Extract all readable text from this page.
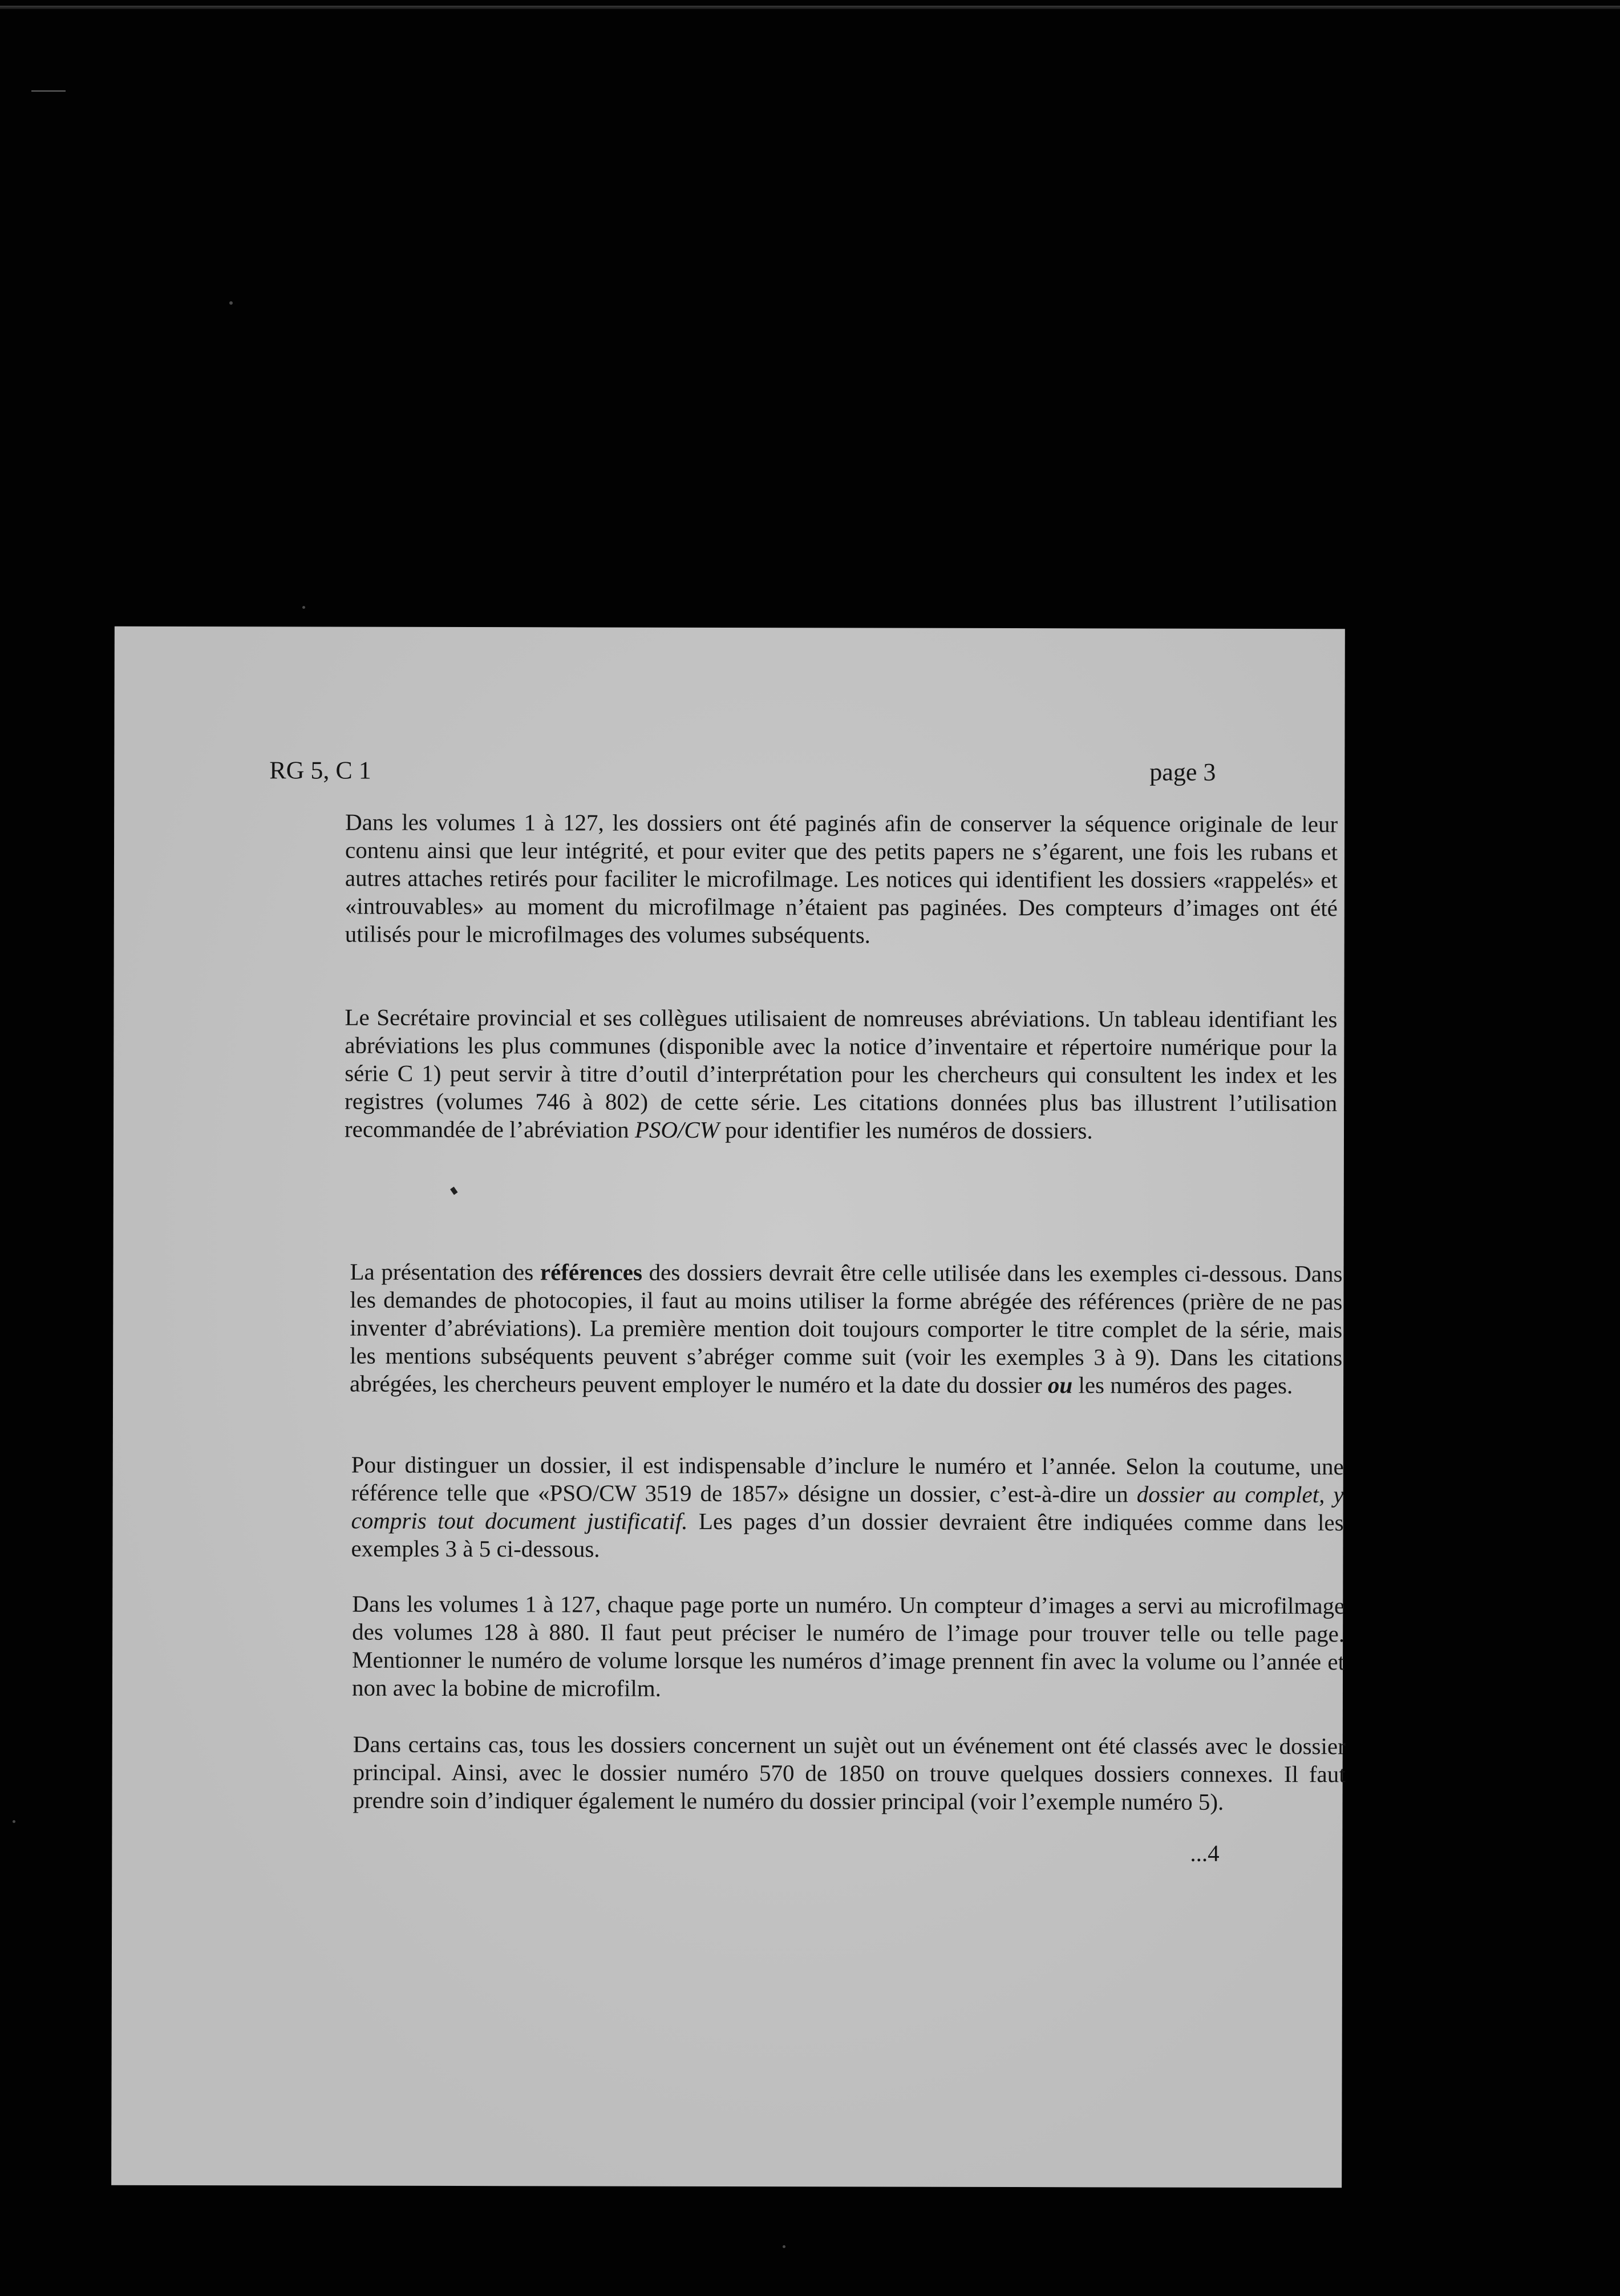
RG 5, C 1	page 3

Dans les volumes 1 à 127, les dossiers ont été paginés afin de conserver la séquence originale de leur contenu ainsi que leur intégrité, et pour eviter que des petits papers ne s’égarent, une fois les rubans et autres attaches retirés pour faciliter le microfilmage. Les notices qui identifient les dossiers «rappelés» et «introuvables» au moment du microfilmage n’étaient pas paginées. Des compteurs d’images ont été utilisés pour le microfilmages des volumes subséquents.

Le Secrétaire provincial et ses collègues utilisaient de nomreuses abréviations. Un tableau identifiant les abréviations les plus communes (disponible avec la notice d’inventaire et répertoire numérique pour la série C 1) peut servir à titre d’outil d’interprétation pour les chercheurs qui consultent les index et les registres (volumes 746 à 802) de cette série. Les citations données plus bas illustrent l’utilisation recommandée de l’abréviation PSO/CW pour identifier les numéros de dossiers.

La présentation des références des dossiers devrait être celle utilisée dans les exemples ci-dessous. Dans les demandes de photocopies, il faut au moins utiliser la forme abrégée des références (prière de ne pas inventer d’abréviations). La première mention doit toujours comporter le titre complet de la série, mais les mentions subséquents peuvent s’abréger comme suit (voir les exemples 3 à 9). Dans les citations abrégées, les chercheurs peuvent employer le numéro et la date du dossier ou les numéros des pages.

Pour distinguer un dossier, il est indispensable d’inclure le numéro et l’année. Selon la coutume, une référence telle que «PSO/CW 3519 de 1857» désigne un dossier, c’est-à-dire un dossier au complet, y compris tout document justificatif. Les pages d’un dossier devraient être indiquées comme dans les exemples 3 à 5 ci-dessous.

Dans les volumes 1 à 127, chaque page porte un numéro. Un compteur d’images a servi au microfilmage des volumes 128 à 880. Il faut peut préciser le numéro de l’image pour trouver telle ou telle page. Mentionner le numéro de volume lorsque les numéros d’image prennent fin avec la volume ou l’année et non avec la bobine de microfilm.

Dans certains cas, tous les dossiers concernent un sujèt out un événement ont été classés avec le dossier principal. Ainsi, avec le dossier numéro 570 de 1850 on trouve quelques dossiers connexes. Il faut prendre soin d’indiquer également le numéro du dossier principal (voir l’exemple numéro 5).

...4
